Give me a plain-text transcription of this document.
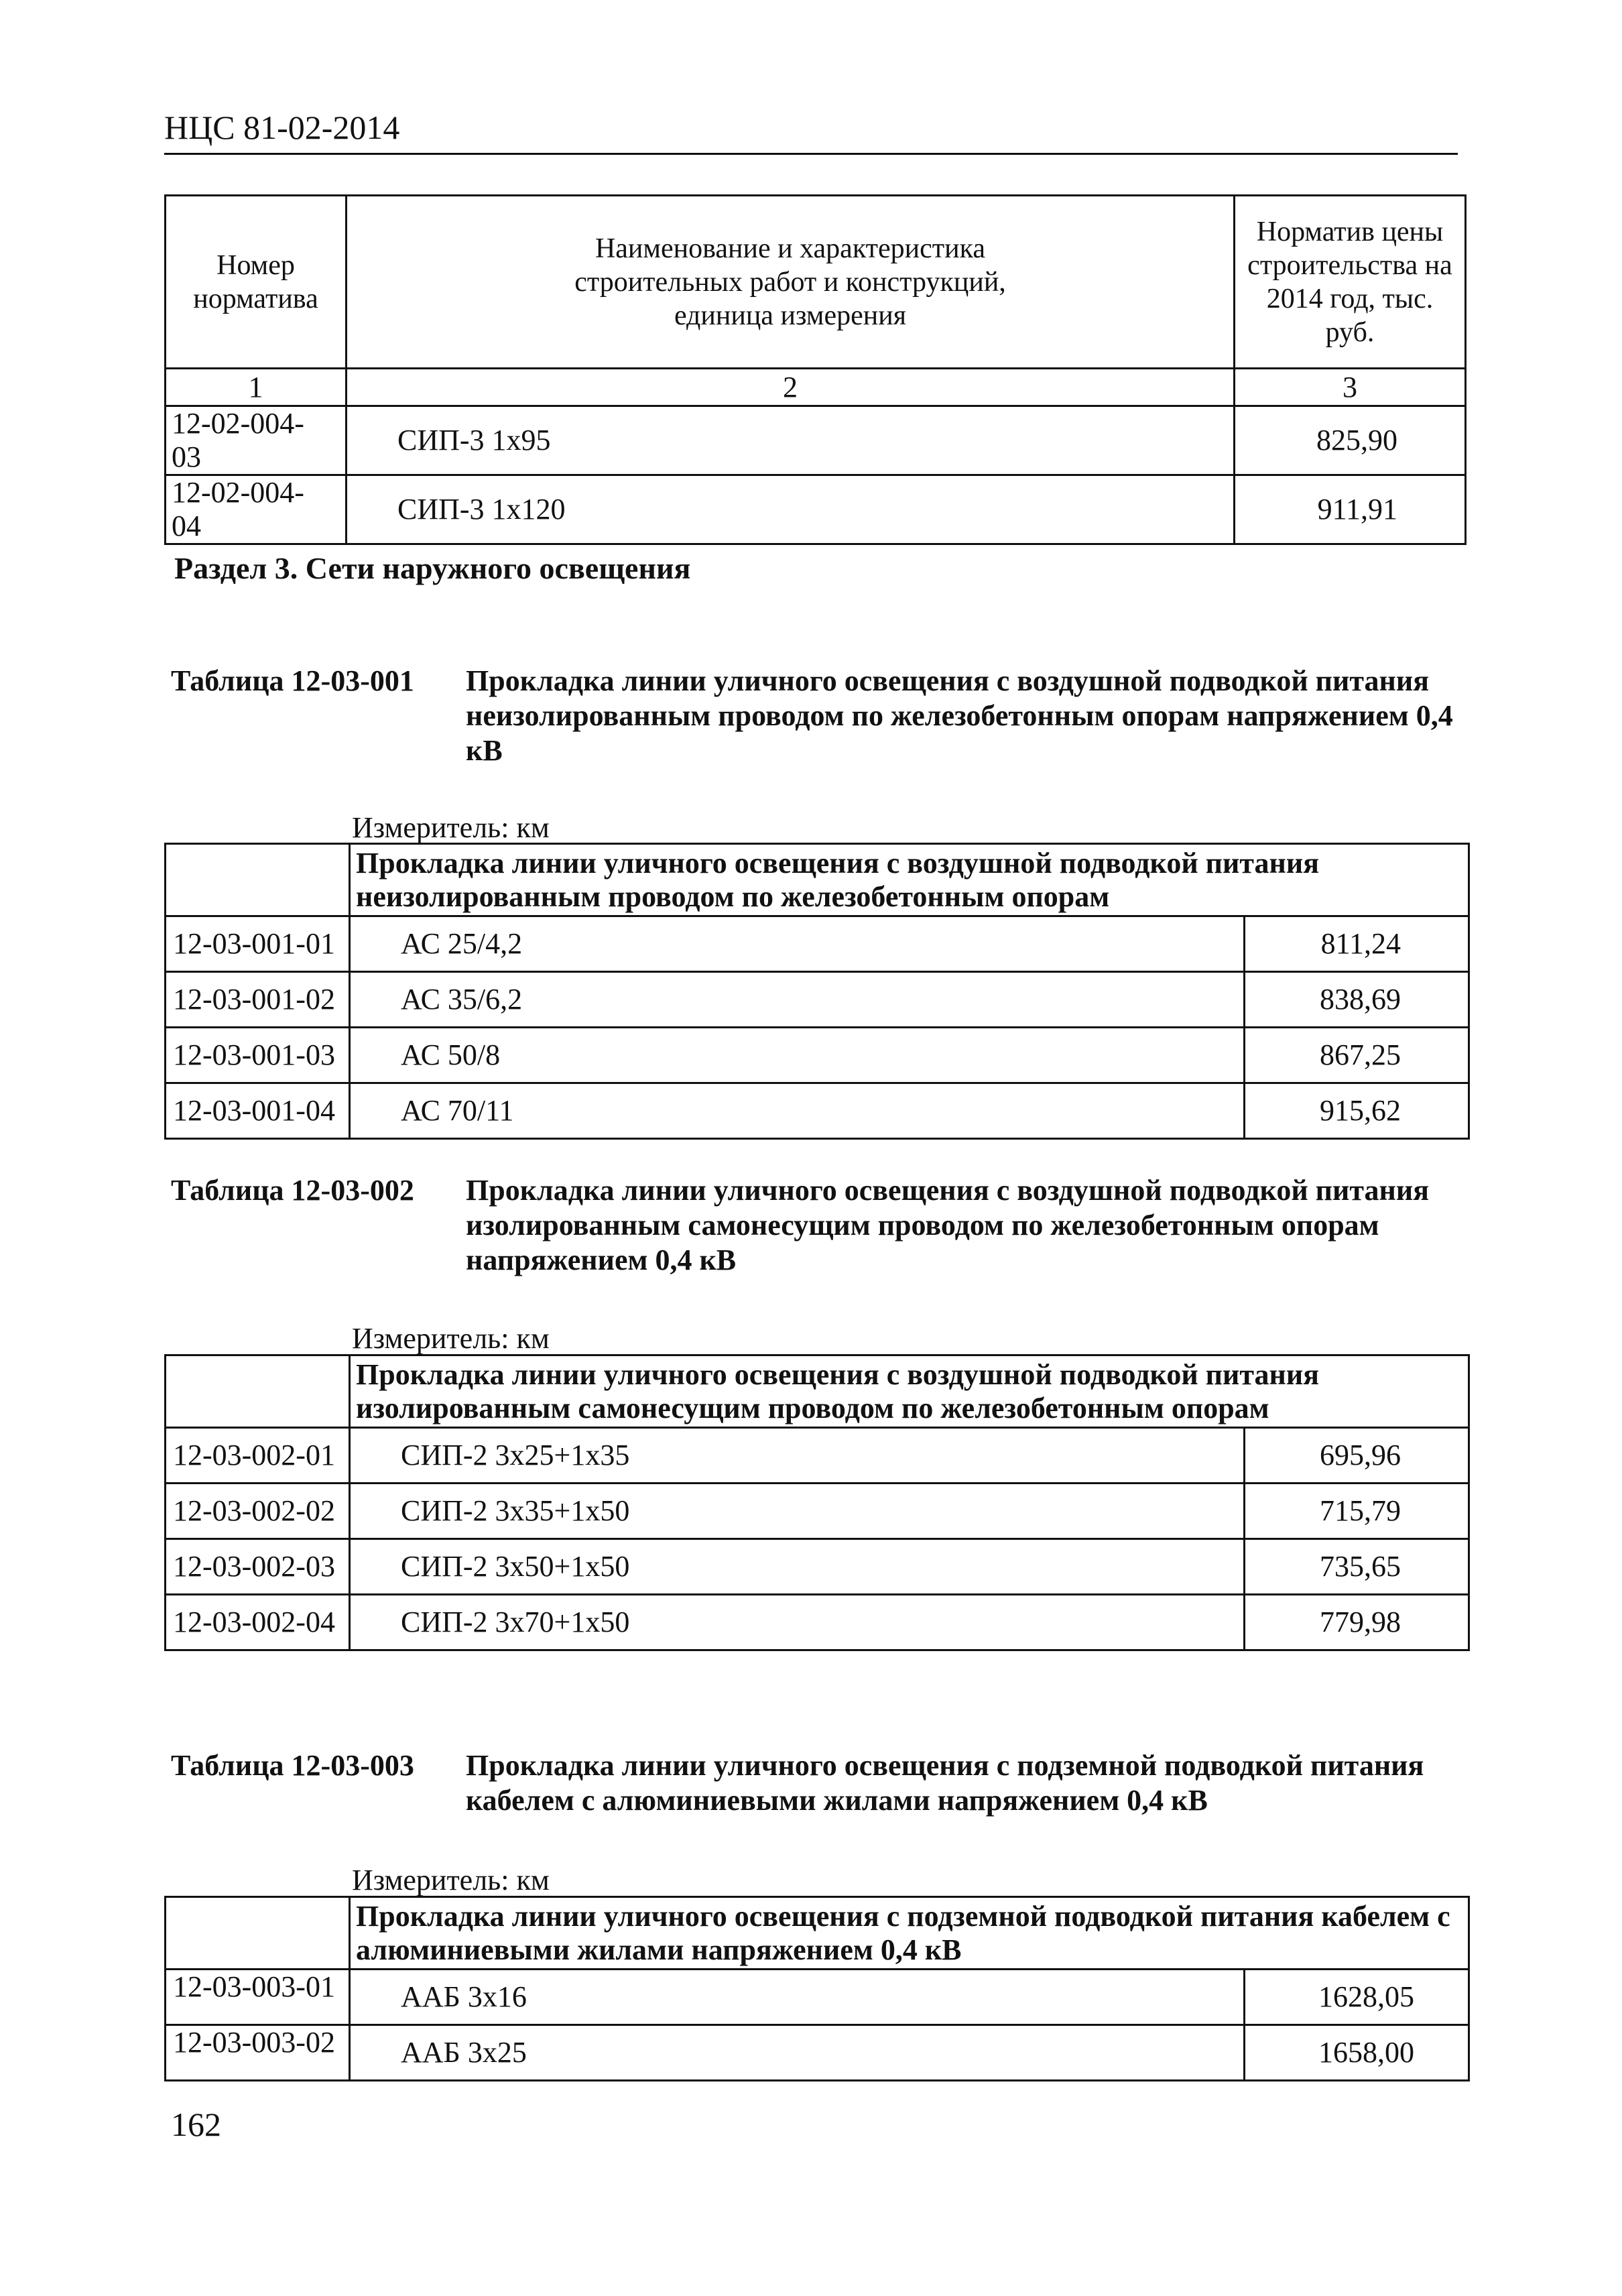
НЦС 81-02-2014
Номер норматива	Наименование и характеристика строительных работ и конструкций, единица измерения	Норматив цены строительства на 2014 год, тыс. руб.
1	2	3
12-02-004-03	СИП-3 1x95	825,90
12-02-004-04	СИП-3 1x120	911,91
Раздел 3. Сети наружного освещения
Таблица 12-03-001 Прокладка линии уличного освещения с воздушной подводкой питания неизолированным проводом по железобетонным опорам напряжением 0,4 кВ
Измеритель: км
	Прокладка линии уличного освещения с воздушной подводкой питания неизолированным проводом по железобетонным опорам	
12-03-001-01	АС 25/4,2	811,24
12-03-001-02	АС 35/6,2	838,69
12-03-001-03	АС 50/8	867,25
12-03-001-04	АС 70/11	915,62
Таблица 12-03-002 Прокладка линии уличного освещения с воздушной подводкой питания изолированным самонесущим проводом по железобетонным опорам напряжением 0,4 кВ
Измеритель: км
	Прокладка линии уличного освещения с воздушной подводкой питания изолированным самонесущим проводом по железобетонным опорам	
12-03-002-01	СИП-2 3x25+1x35	695,96
12-03-002-02	СИП-2 3x35+1x50	715,79
12-03-002-03	СИП-2 3x50+1x50	735,65
12-03-002-04	СИП-2 3x70+1x50	779,98
Таблица 12-03-003 Прокладка линии уличного освещения с подземной подводкой питания кабелем с алюминиевыми жилами напряжением 0,4 кВ
Измеритель: км
	Прокладка линии уличного освещения с подземной подводкой питания кабелем с алюминиевыми жилами напряжением 0,4 кВ	
12-03-003-01	ААБ 3x16	1628,05
12-03-003-02	ААБ 3x25	1658,00
162
